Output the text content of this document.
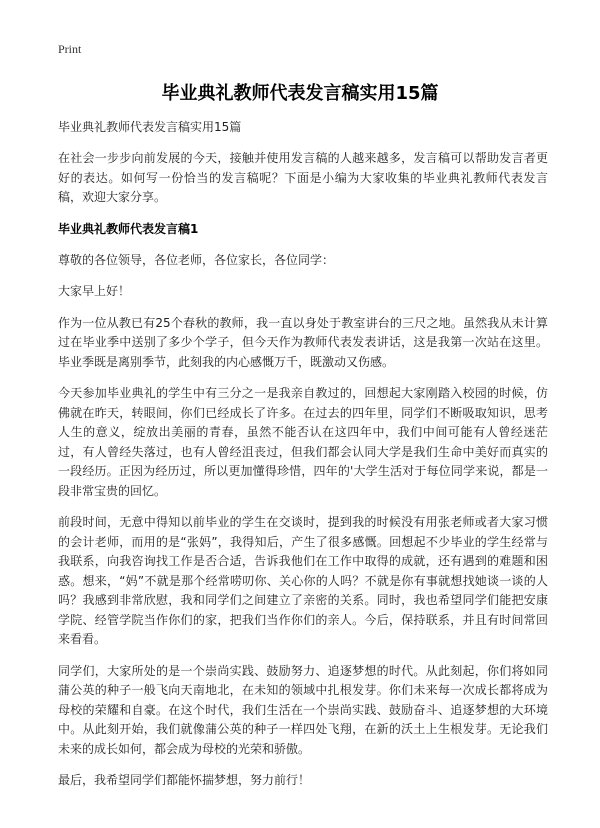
Print
毕业典礼教师代表发言稿实用15篇

毕业典礼教师代表发言稿实用15篇

在社会一步步向前发展的今天，接触并使用发言稿的人越来越多，发言稿可以帮助发言者更好的表达。如何写一份恰当的发言稿呢？下面是小编为大家收集的毕业典礼教师代表发言稿，欢迎大家分享。

毕业典礼教师代表发言稿1

尊敬的各位领导，各位老师，各位家长，各位同学：

大家早上好！

作为一位从教已有25个春秋的教师，我一直以身处于教室讲台的三尺之地。虽然我从未计算过在毕业季中送别了多少个学子，但今天作为教师代表发表讲话，这是我第一次站在这里。毕业季既是离别季节，此刻我的内心感慨万千，既激动又伤感。

今天参加毕业典礼的学生中有三分之一是我亲自教过的，回想起大家刚踏入校园的时候，仿佛就在昨天，转眼间，你们已经成长了许多。在过去的四年里，同学们不断吸取知识，思考人生的意义，绽放出美丽的青春，虽然不能否认在这四年中，我们中间可能有人曾经迷茫过，有人曾经失落过，也有人曾经沮丧过，但我们都会认同大学是我们生命中美好而真实的一段经历。正因为经历过，所以更加懂得珍惜，四年的'大学生活对于每位同学来说，都是一段非常宝贵的回忆。

前段时间，无意中得知以前毕业的学生在交谈时，提到我的时候没有用张老师或者大家习惯的会计老师，而用的是“张妈”，我得知后，产生了很多感慨。回想起不少毕业的学生经常与我联系，向我咨询找工作是否合适，告诉我他们在工作中取得的成就，还有遇到的难题和困惑。想来，“妈”不就是那个经常唠叨你、关心你的人吗？不就是你有事就想找她谈一谈的人吗？我感到非常欣慰，我和同学们之间建立了亲密的关系。同时，我也希望同学们能把安康学院、经管学院当作你们的家，把我们当作你们的亲人。今后，保持联系，并且有时间常回来看看。

同学们，大家所处的是一个崇尚实践、鼓励努力、追逐梦想的时代。从此刻起，你们将如同蒲公英的种子一般飞向天南地北，在未知的领域中扎根发芽。你们未来每一次成长都将成为母校的荣耀和自豪。在这个时代，我们生活在一个崇尚实践、鼓励奋斗、追逐梦想的大环境中。从此刻开始，我们就像蒲公英的种子一样四处飞翔，在新的沃土上生根发芽。无论我们未来的成长如何，都会成为母校的光荣和骄傲。

最后，我希望同学们都能怀揣梦想，努力前行！
